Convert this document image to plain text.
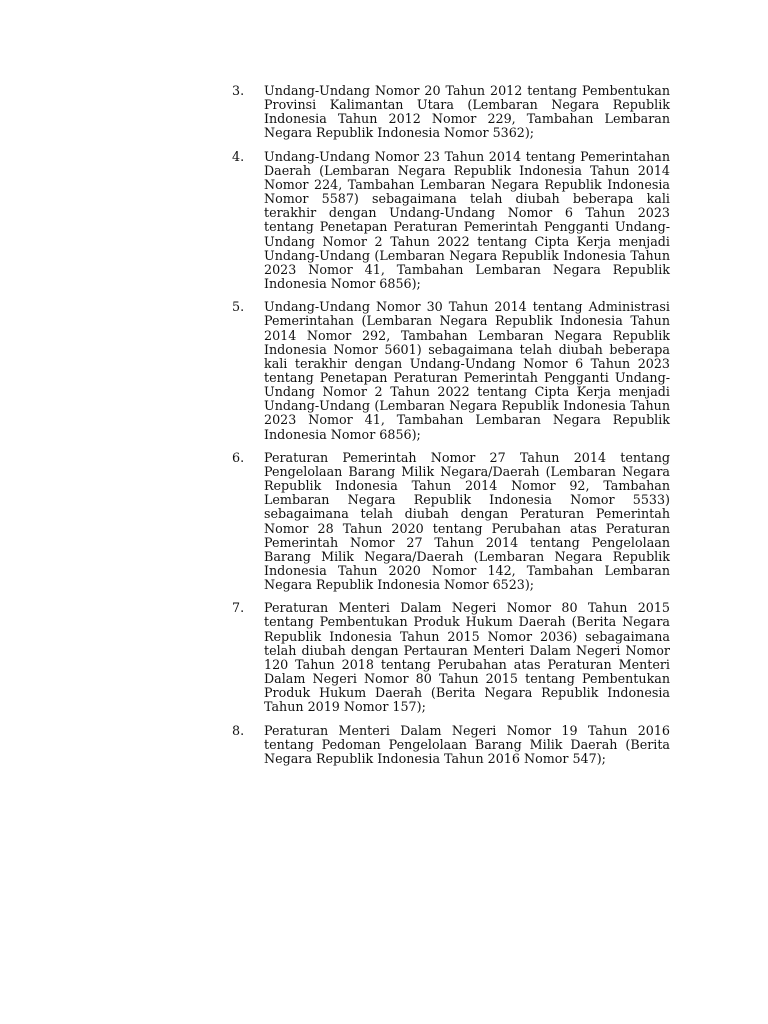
3.	Undang-Undang Nomor 20 Tahun 2012 tentang Pembentukan Provinsi Kalimantan Utara (Lembaran Negara Republik Indonesia Tahun 2012 Nomor 229, Tambahan Lembaran Negara Republik Indonesia Nomor 5362);
4.	Undang-Undang Nomor 23 Tahun 2014 tentang Pemerintahan Daerah (Lembaran Negara Republik Indonesia Tahun 2014 Nomor 224, Tambahan Lembaran Negara Republik Indonesia Nomor 5587) sebagaimana telah diubah beberapa kali terakhir dengan Undang-Undang Nomor 6 Tahun 2023 tentang Penetapan Peraturan Pemerintah Pengganti Undang-Undang Nomor 2 Tahun 2022 tentang Cipta Kerja menjadi Undang-Undang (Lembaran Negara Republik Indonesia Tahun 2023 Nomor 41, Tambahan Lembaran Negara Republik Indonesia Nomor 6856);
5.	Undang-Undang Nomor 30 Tahun 2014 tentang Administrasi Pemerintahan (Lembaran Negara Republik Indonesia Tahun 2014 Nomor 292, Tambahan Lembaran Negara Republik Indonesia Nomor 5601) sebagaimana telah diubah beberapa kali terakhir dengan Undang-Undang Nomor 6 Tahun 2023 tentang Penetapan Peraturan Pemerintah Pengganti Undang-Undang Nomor 2 Tahun 2022 tentang Cipta Kerja menjadi Undang-Undang (Lembaran Negara Republik Indonesia Tahun 2023 Nomor 41, Tambahan Lembaran Negara Republik Indonesia Nomor 6856);
6.	Peraturan Pemerintah Nomor 27 Tahun 2014 tentang Pengelolaan Barang Milik Negara/Daerah (Lembaran Negara Republik Indonesia Tahun 2014 Nomor 92, Tambahan Lembaran Negara Republik Indonesia Nomor 5533) sebagaimana telah diubah dengan Peraturan Pemerintah Nomor 28 Tahun 2020 tentang Perubahan atas Peraturan Pemerintah Nomor 27 Tahun 2014 tentang Pengelolaan Barang Milik Negara/Daerah (Lembaran Negara Republik Indonesia Tahun 2020 Nomor 142, Tambahan Lembaran Negara Republik Indonesia Nomor 6523);
7.	Peraturan Menteri Dalam Negeri Nomor 80 Tahun 2015 tentang Pembentukan Produk Hukum Daerah (Berita Negara Republik Indonesia Tahun 2015 Nomor 2036) sebagaimana telah diubah dengan Pertauran Menteri Dalam Negeri Nomor 120 Tahun 2018 tentang Perubahan atas Peraturan Menteri Dalam Negeri Nomor 80 Tahun 2015 tentang Pembentukan Produk Hukum Daerah (Berita Negara Republik Indonesia Tahun 2019 Nomor 157);
8.	Peraturan Menteri Dalam Negeri Nomor 19 Tahun 2016 tentang Pedoman Pengelolaan Barang Milik Daerah (Berita Negara Republik Indonesia Tahun 2016 Nomor 547);
